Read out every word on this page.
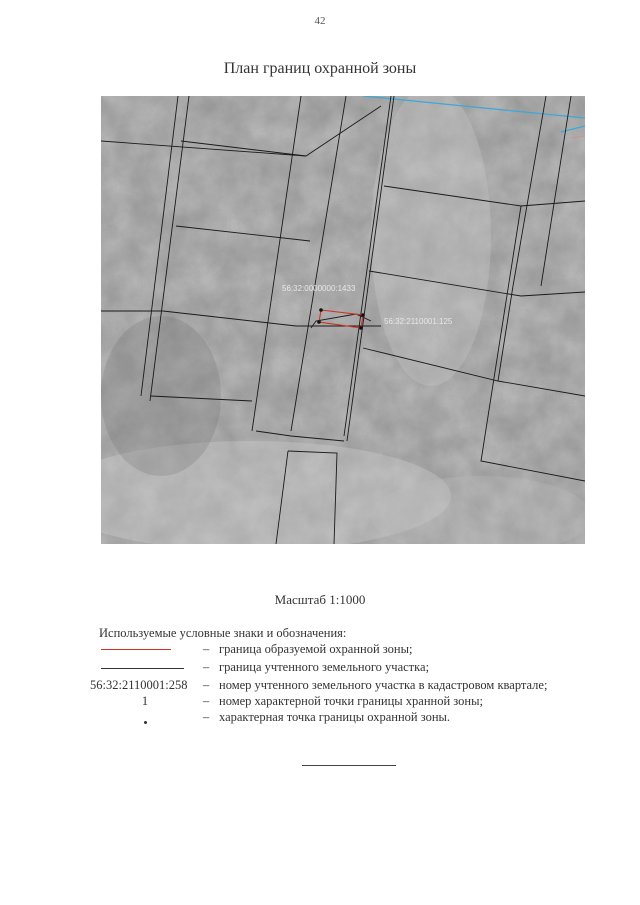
42
План границ охранной зоны
56:32:0000000:1433
56:32:2110001:125
Масштаб 1:1000
Используемые условные знаки и обозначения:
– граница образуемой охранной зоны;
– граница учтенного земельного участка;
56:32:2110001:258 – номер учтенного земельного участка в кадастровом квартале;
1	– номер характерной точки границы хранной зоны;
– характерная точка границы охранной зоны.
